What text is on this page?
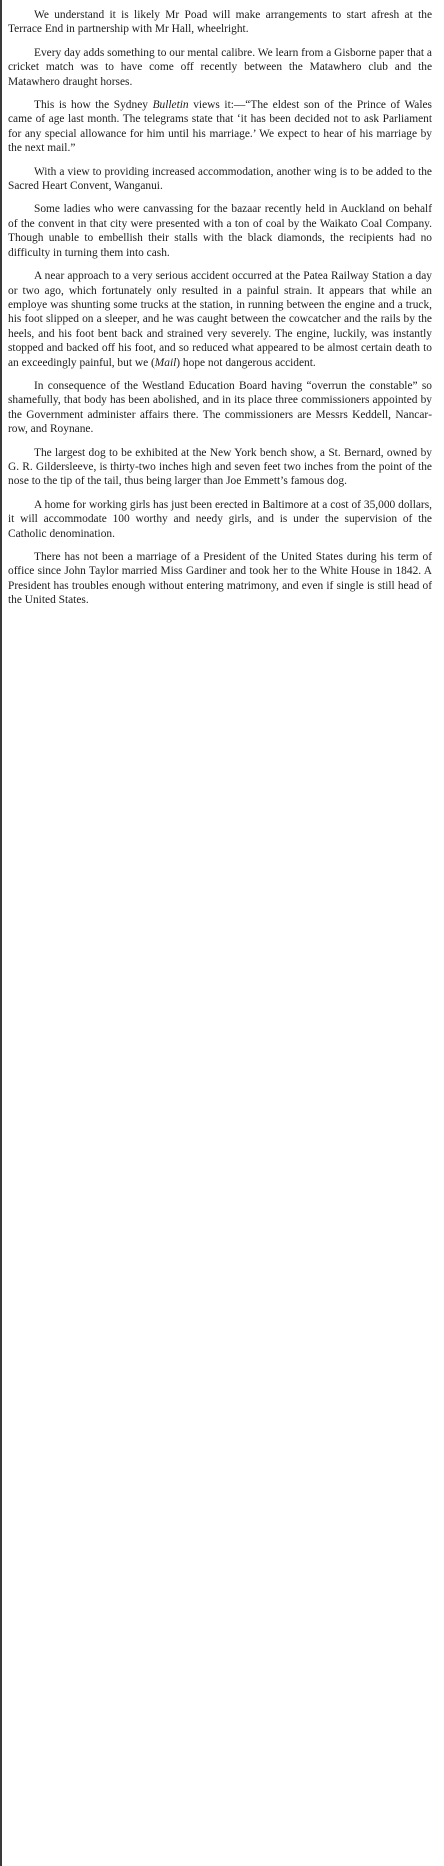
We understand it is likely Mr Poad will make arrangements to start afresh at the Terrace End in partnership with Mr Hall, wheelright.

Every day adds something to our mental calibre. We learn from a Gisborne paper that a cricket match was to have come off recently between the Matawhero club and the Matawhero draught horses.

This is how the Sydney Bulletin views it:—“The eldest son of the Prince of Wales came of age last month. The telegrams state that ‘it has been decided not to ask Parliament for any special allowance for him until his marriage.’ We expect to hear of his marriage by the next mail.”

With a view to providing increased accommodation, another wing is to be added to the Sacred Heart Convent, Wanganui.

Some ladies who were canvassing for the bazaar recently held in Auckland on behalf of the convent in that city were presented with a ton of coal by the Waikato Coal Company. Though unable to embellish their stalls with the black diamonds, the recipients had no difficulty in turning them into cash.

A near approach to a very serious accident occurred at the Patea Railway Station a day or two ago, which fortunately only resulted in a painful strain. It appears that while an employe was shunting some trucks at the station, in running between the engine and a truck, his foot slipped on a sleeper, and he was caught between the cowcatcher and the rails by the heels, and his foot bent back and strained very severely. The engine, luckily, was instantly stopped and backed off his foot, and so reduced what appeared to be almost certain death to an exceedingly painful, but we (Mail) hope not dangerous accident.

In consequence of the Westland Education Board having “overrun the constable” so shamefully, that body has been abolished, and in its place three commissioners appointed by the Government administer affairs there. The commissioners are Messrs Keddell, Nancarrow, and Roynane.

The largest dog to be exhibited at the New York bench show, a St. Bernard, owned by G. R. Gildersleeve, is thirty-two inches high and seven feet two inches from the point of the nose to the tip of the tail, thus being larger than Joe Emmett’s famous dog.

A home for working girls has just been erected in Baltimore at a cost of 35,000 dollars, it will accommodate 100 worthy and needy girls, and is under the supervision of the Catholic denomination.

There has not been a marriage of a President of the United States during his term of office since John Taylor married Miss Gardiner and took her to the White House in 1842. A President has troubles enough without entering matrimony, and even if single is still head of the United States.
